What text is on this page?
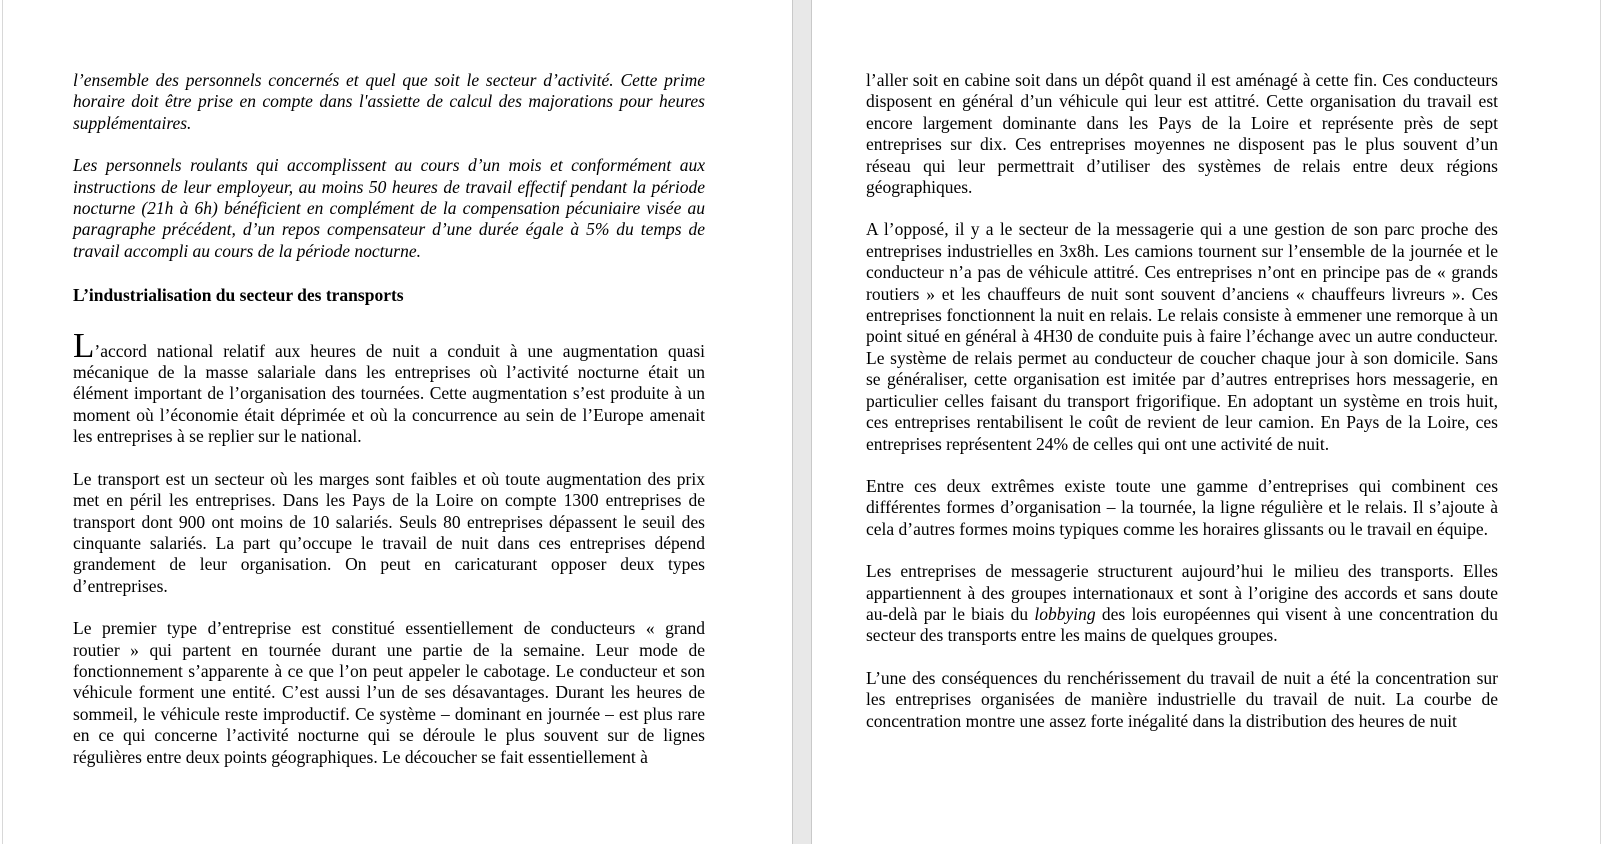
l’ensemble des personnels concernés et quel que soit le secteur d’activité. Cette prime horaire doit être prise en compte dans l'assiette de calcul des majorations pour heures supplémentaires.

Les personnels roulants qui accomplissent au cours d’un mois et conformément aux instructions de leur employeur, au moins 50 heures de travail effectif pendant la période nocturne (21h à 6h) bénéficient en complément de la compensation pécuniaire visée au paragraphe précédent, d’un repos compensateur d’une durée égale à 5% du temps de travail accompli au cours de la période nocturne.

L’industrialisation du secteur des transports

L’accord national relatif aux heures de nuit a conduit à une augmentation quasi mécanique de la masse salariale dans les entreprises où l’activité nocturne était un élément important de l’organisation des tournées. Cette augmentation s’est produite à un moment où l’économie était déprimée et où la concurrence au sein de l’Europe amenait les entreprises à se replier sur le national.

Le transport est un secteur où les marges sont faibles et où toute augmentation des prix met en péril les entreprises. Dans les Pays de la Loire on compte 1300 entreprises de transport dont 900 ont moins de 10 salariés. Seuls 80 entreprises dépassent le seuil des cinquante salariés. La part qu’occupe le travail de nuit dans ces entreprises dépend grandement de leur organisation. On peut en caricaturant opposer deux types d’entreprises.

Le premier type d’entreprise est constitué essentiellement de conducteurs « grand routier » qui partent en tournée durant une partie de la semaine. Leur mode de fonctionnement s’apparente à ce que l’on peut appeler le cabotage. Le conducteur et son véhicule forment une entité. C’est aussi l’un de ses désavantages. Durant les heures de sommeil, le véhicule reste improductif. Ce système – dominant en journée – est plus rare en ce qui concerne l’activité nocturne qui se déroule le plus souvent sur de lignes régulières entre deux points géographiques. Le découcher se fait essentiellement à

l’aller soit en cabine soit dans un dépôt quand il est aménagé à cette fin. Ces conducteurs disposent en général d’un véhicule qui leur est attitré. Cette organisation du travail est encore largement dominante dans les Pays de la Loire et représente près de sept entreprises sur dix. Ces entreprises moyennes ne disposent pas le plus souvent d’un réseau qui leur permettrait d’utiliser des systèmes de relais entre deux régions géographiques.

A l’opposé, il y a le secteur de la messagerie qui a une gestion de son parc proche des entreprises industrielles en 3x8h. Les camions tournent sur l’ensemble de la journée et le conducteur n’a pas de véhicule attitré. Ces entreprises n’ont en principe pas de « grands routiers » et les chauffeurs de nuit sont souvent d’anciens « chauffeurs livreurs ». Ces entreprises fonctionnent la nuit en relais. Le relais consiste à emmener une remorque à un point situé en général à 4H30 de conduite puis à faire l’échange avec un autre conducteur. Le système de relais permet au conducteur de coucher chaque jour à son domicile. Sans se généraliser, cette organisation est imitée par d’autres entreprises hors messagerie, en particulier celles faisant du transport frigorifique. En adoptant un système en trois huit, ces entreprises rentabilisent le coût de revient de leur camion. En Pays de la Loire, ces entreprises représentent 24% de celles qui ont une activité de nuit.

Entre ces deux extrêmes existe toute une gamme d’entreprises qui combinent ces différentes formes d’organisation – la tournée, la ligne régulière et le relais. Il s’ajoute à cela d’autres formes moins typiques comme les horaires glissants ou le travail en équipe.

Les entreprises de messagerie structurent aujourd’hui le milieu des transports. Elles appartiennent à des groupes internationaux et sont à l’origine des accords et sans doute au-delà par le biais du lobbying des lois européennes qui visent à une concentration du secteur des transports entre les mains de quelques groupes.

L’une des conséquences du renchérissement du travail de nuit a été la concentration sur les entreprises organisées de manière industrielle du travail de nuit. La courbe de concentration montre une assez forte inégalité dans la distribution des heures de nuit
